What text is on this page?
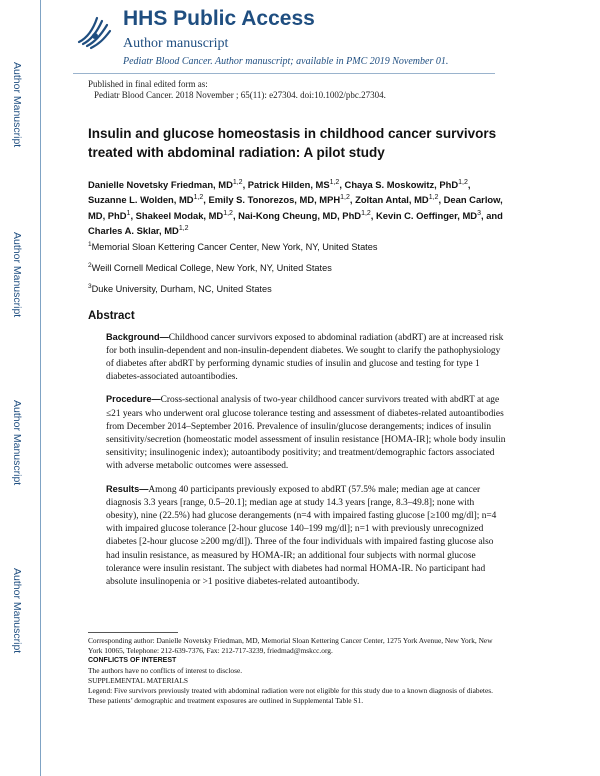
Author Manuscript
Author Manuscript
Author Manuscript
Author Manuscript
HHS Public Access
Author manuscript
Pediatr Blood Cancer. Author manuscript; available in PMC 2019 November 01.
Published in final edited form as:
Pediatr Blood Cancer. 2018 November ; 65(11): e27304. doi:10.1002/pbc.27304.
Insulin and glucose homeostasis in childhood cancer survivors treated with abdominal radiation: A pilot study

Danielle Novetsky Friedman, MD$^{1,2}$, Patrick Hilden, MS$^{1,2}$, Chaya S. Moskowitz, PhD$^{1,2}$, Suzanne L. Wolden, MD$^{1,2}$, Emily S. Tonorezos, MD, MPH$^{1,2}$, Zoltan Antal, MD$^{1,2}$, Dean Carlow, MD, PhD$^1$, Shakeel Modak, MD$^{1,2}$, Nai-Kong Cheung, MD, PhD$^{1,2}$, Kevin C. Oeffinger, $MD^3$, and Charles A. Sklar, MD$^{1,2}$

$^1$Memorial Sloan Kettering Cancer Center, New York, NY, United States

$^2$Weill Cornell Medical College, New York, NY, United States

$^3$Duke University, Durham, NC, United States

Abstract

Background—Childhood cancer survivors exposed to abdominal radiation (abdRT) are at increased risk for both insulin-dependent and non-insulin-dependent diabetes. We sought to clarify the pathophysiology of diabetes after abdRT by performing dynamic studies of insulin and glucose and testing for type 1 diabetes-associated autoantibodies.

Procedure—Cross-sectional analysis of two-year childhood cancer survivors treated with abdRT at age ≤21 years who underwent oral glucose tolerance testing and assessment of diabetes-related autoantibodies from December 2014–September 2016. Prevalence of insulin/glucose derangements; indices of insulin sensitivity/secretion (homeostatic model assessment of insulin resistance [HOMA-IR]; whole body insulin sensitivity; insulinogenic index); autoantibody positivity; and treatment/demographic factors associated with adverse metabolic outcomes were assessed.

Results—Among 40 participants previously exposed to abdRT (57.5% male; median age at cancer diagnosis 3.3 years [range, 0.5–20.1]; median age at study 14.3 years [range, 8.3–49.8]; none with obesity), nine (22.5%) had glucose derangements (n=4 with impaired fasting glucose [≥100 mg/dl]; n=4 with impaired glucose tolerance [2-hour glucose 140–199 mg/dl]; n=1 with previously unrecognized diabetes [2-hour glucose ≥200 mg/dl]). Three of the four individuals with impaired fasting glucose also had insulin resistance, as measured by HOMA-IR; an additional four subjects with normal glucose tolerance were insulin resistant. The subject with diabetes had normal HOMA-IR. No participant had absolute insulinopenia or >1 positive diabetes-related autoantibody.

Corresponding author: Danielle Novetsky Friedman, MD, Memorial Sloan Kettering Cancer Center, 1275 York Avenue, New York, New York 10065, Telephone: 212-639-7376, Fax: 212-717-3239, friedmad@mskcc.org.

CONFLICTS OF INTEREST

The authors have no conflicts of interest to disclose.

SUPPLEMENTAL MATERIALS

Legend: Five survivors previously treated with abdominal radiation were not eligible for this study due to a known diagnosis of diabetes. These patients’ demographic and treatment exposures are outlined in Supplemental Table S1.
